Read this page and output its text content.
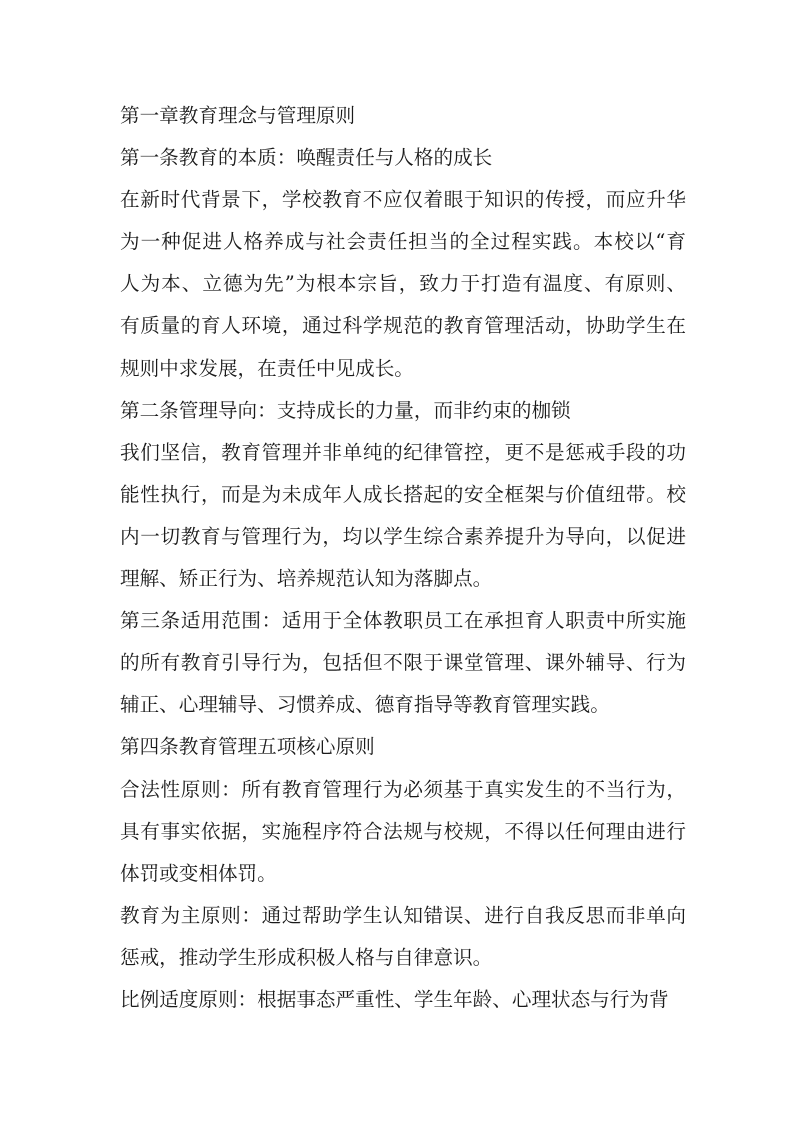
第一章教育理念与管理原则
第一条教育的本质：唤醒责任与人格的成长
在新时代背景下，学校教育不应仅着眼于知识的传授，而应升华
为一种促进人格养成与社会责任担当的全过程实践。本校以“育
人为本、立德为先”为根本宗旨，致力于打造有温度、有原则、
有质量的育人环境，通过科学规范的教育管理活动，协助学生在
规则中求发展，在责任中见成长。
第二条管理导向：支持成长的力量，而非约束的枷锁
我们坚信，教育管理并非单纯的纪律管控，更不是惩戒手段的功
能性执行，而是为未成年人成长搭起的安全框架与价值纽带。校
内一切教育与管理行为，均以学生综合素养提升为导向，以促进
理解、矫正行为、培养规范认知为落脚点。
第三条适用范围：适用于全体教职员工在承担育人职责中所实施
的所有教育引导行为，包括但不限于课堂管理、课外辅导、行为
辅正、心理辅导、习惯养成、德育指导等教育管理实践。
第四条教育管理五项核心原则
合法性原则：所有教育管理行为必须基于真实发生的不当行为，
具有事实依据，实施程序符合法规与校规，不得以任何理由进行
体罚或变相体罚。
教育为主原则：通过帮助学生认知错误、进行自我反思而非单向
惩戒，推动学生形成积极人格与自律意识。
比例适度原则：根据事态严重性、学生年龄、心理状态与行为背
